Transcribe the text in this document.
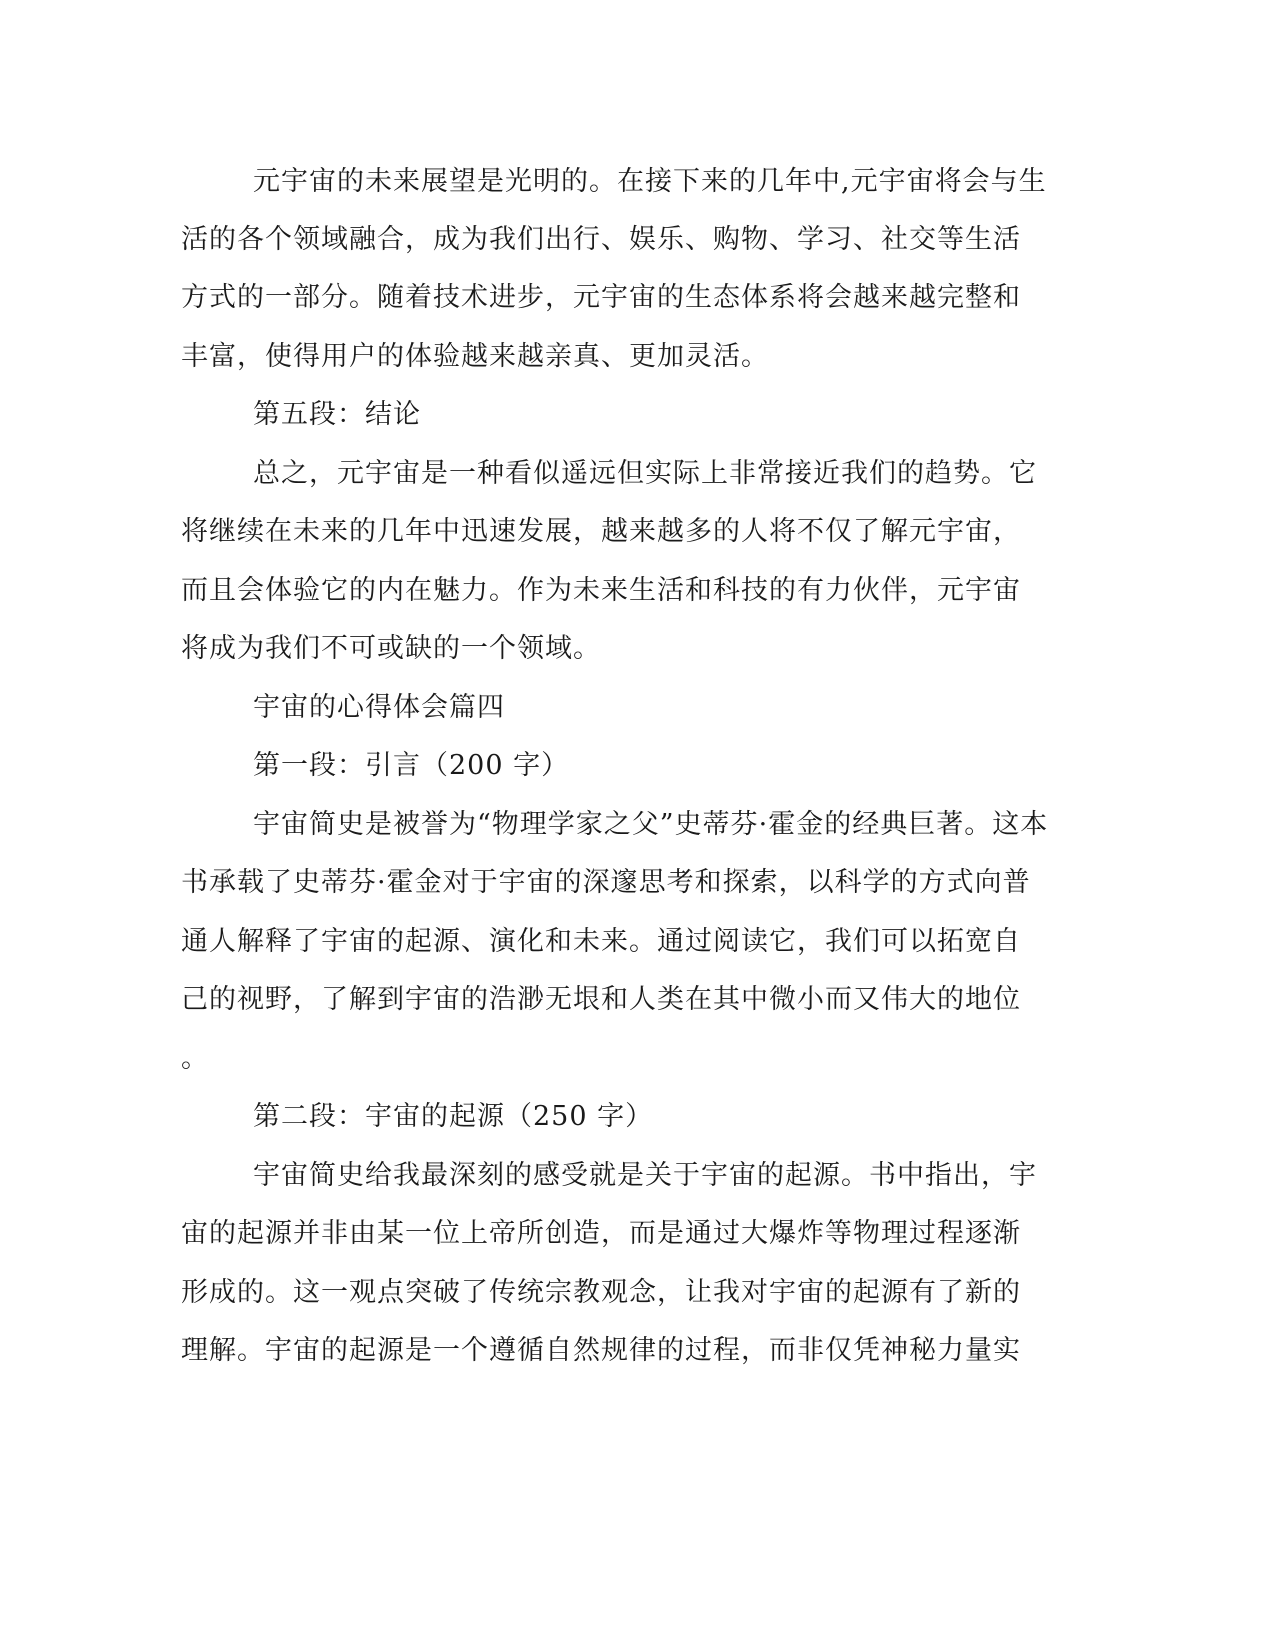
元宇宙的未来展望是光明的。在接下来的几年中,元宇宙将会与生
活的各个领域融合，成为我们出行、娱乐、购物、学习、社交等生活
方式的一部分。随着技术进步，元宇宙的生态体系将会越来越完整和
丰富，使得用户的体验越来越亲真、更加灵活。
第五段：结论
总之，元宇宙是一种看似遥远但实际上非常接近我们的趋势。它
将继续在未来的几年中迅速发展，越来越多的人将不仅了解元宇宙，
而且会体验它的内在魅力。作为未来生活和科技的有力伙伴，元宇宙
将成为我们不可或缺的一个领域。
宇宙的心得体会篇四
第一段：引言（200 字）
宇宙简史是被誉为“物理学家之父”史蒂芬·霍金的经典巨著。这本
书承载了史蒂芬·霍金对于宇宙的深邃思考和探索，以科学的方式向普
通人解释了宇宙的起源、演化和未来。通过阅读它，我们可以拓宽自
己的视野，了解到宇宙的浩渺无垠和人类在其中微小而又伟大的地位
。
第二段：宇宙的起源（250 字）
宇宙简史给我最深刻的感受就是关于宇宙的起源。书中指出，宇
宙的起源并非由某一位上帝所创造，而是通过大爆炸等物理过程逐渐
形成的。这一观点突破了传统宗教观念，让我对宇宙的起源有了新的
理解。宇宙的起源是一个遵循自然规律的过程，而非仅凭神秘力量实
